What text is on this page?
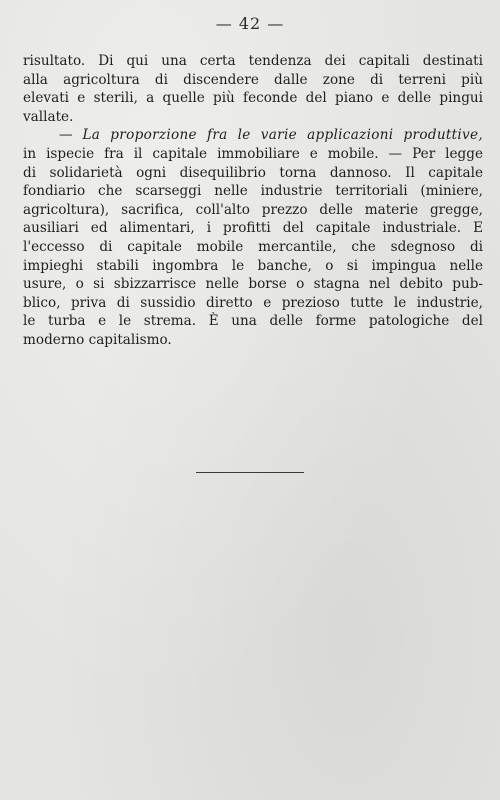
— 42 —
risultato. Di qui una certa tendenza dei capitali destinati
alla agricoltura di discendere dalle zone di terreni più
elevati e sterili, a quelle più feconde del piano e delle pingui
vallate.
— La proporzione fra le varie applicazioni produttive,
in ispecie fra il capitale immobiliare e mobile. — Per legge
di solidarietà ogni disequilibrio torna dannoso. Il capitale
fondiario che scarseggi nelle industrie territoriali (miniere,
agricoltura), sacrifica, coll'alto prezzo delle materie gregge,
ausiliari ed alimentari, i profitti del capitale industriale. E
l'eccesso di capitale mobile mercantile, che sdegnoso di
impieghi stabili ingombra le banche, o si impingua nelle
usure, o si sbizzarrisce nelle borse o stagna nel debito pub-
blico, priva di sussidio diretto e prezioso tutte le industrie,
le turba e le strema. È una delle forme patologiche del
moderno capitalismo.
